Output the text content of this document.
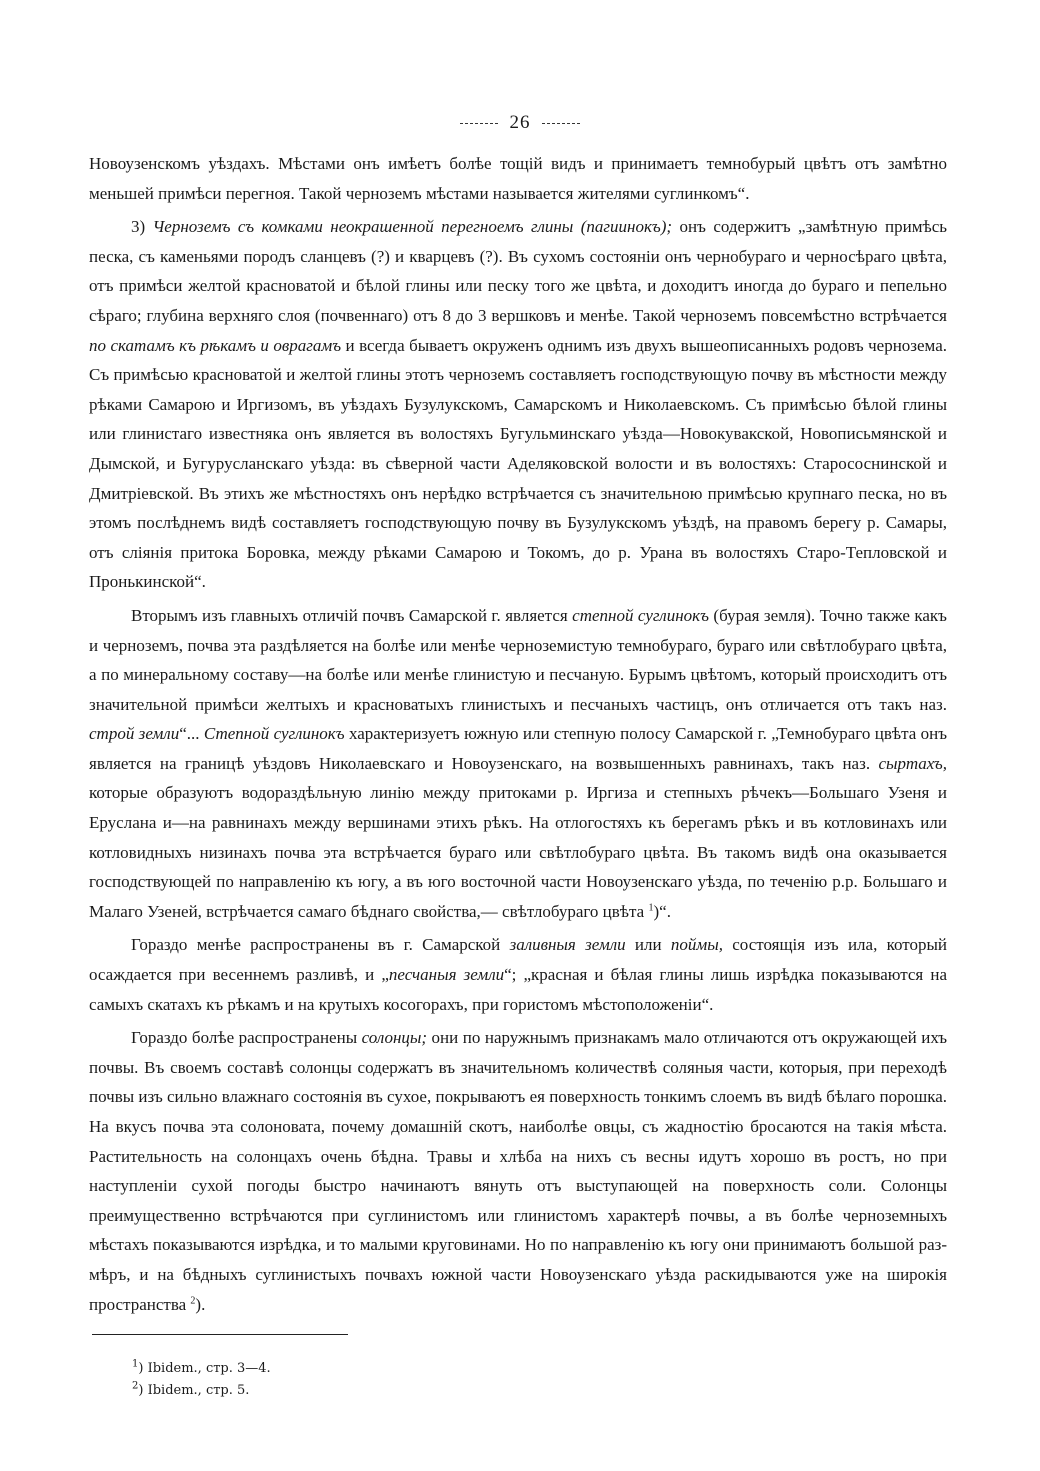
26

Новоузенскомъ уѣздахъ. Мѣстами онъ имѣетъ болѣе тощій видъ и принимаетъ темнобурый цвѣтъ отъ замѣтно меньшей примѣси перегноя. Такой черноземъ мѣстами называется жителями суглинкомъ“.

3) Черноземъ съ комками неокрашенной перегноемъ глины (пагиинокъ); онъ содержитъ „замѣтную примѣсь песка, съ каменьями породъ сланцевъ (?) и кварцевъ (?). Въ сухомъ состояніи онъ чернобураго и черносѣраго цвѣта, отъ примѣси желтой красноватой и бѣлой глины или песку того же цвѣта, и доходитъ иногда до бураго и пепельно сѣраго; глубина верхняго слоя (почвеннаго) отъ 8 до 3 вершковъ и менѣе. Такой черноземъ повсемѣстно встрѣчается по скатамъ къ рѣкамъ и оврагамъ и всегда бываетъ окруженъ однимъ изъ двухъ вышеописанныхъ родовъ чернозема. Съ примѣсью красноватой и желтой глины этотъ черноземъ составляетъ господствующую почву въ мѣстности между рѣками Самарою и Иргизомъ, въ уѣздахъ Бузулукскомъ, Самарскомъ и Николаевскомъ. Съ примѣсью бѣлой глины или глинистаго известняка онъ является въ волостяхъ Бугульминскаго уѣзда—Новокувакской, Новописьмянской и Дымской, и Бугурусланскаго уѣзда: въ сѣверной части Аделяковской волости и въ волостяхъ: Старососнинской и Дмитріевской. Въ этихъ же мѣстностяхъ онъ нерѣдко встрѣчается съ значительною примѣсью крупнаго песка, но въ этомъ послѣднемъ видѣ составляетъ господствующую почву въ Бузулукскомъ уѣздѣ, на правомъ берегу р. Самары, отъ сліянія притока Боровка, между рѣками Самарою и Токомъ, до р. Урана въ волостяхъ Старо-Тепловской и Пронькинской“.

Вторымъ изъ главныхъ отличій почвъ Самарской г. является степной суглинокъ (бурая земля). Точно также какъ и черноземъ, почва эта раздѣляется на болѣе или менѣе черноземистую темнобураго, бураго или свѣтлобураго цвѣта, а по минеральному составу—на болѣе или менѣе глинистую и песчаную. Бурымъ цвѣтомъ, который происходитъ отъ значительной примѣси желтыхъ и красноватыхъ глинистыхъ и песчаныхъ частицъ, онъ отличается отъ такъ наз. строй земли“... Степной суглинокъ характеризуетъ южную или степную полосу Самарской г. „Темнобураго цвѣта онъ является на границѣ уѣздовъ Николаевскаго и Новоузенскаго, на возвышенныхъ равнинахъ, такъ наз. сыртахъ, которые образуютъ водораздѣльную линію между притоками р. Иргиза и степныхъ рѣчекъ—Большаго Узеня и Еруслана и—на равнинахъ между вершинами этихъ рѣкъ. На отлогостяхъ къ берегамъ рѣкъ и въ котловинахъ или котловидныхъ низинахъ почва эта встрѣчается бураго или свѣтлобураго цвѣта. Въ такомъ видѣ она оказывается господствующей по направленію къ югу, а въ юго восточной части Новоузенскаго уѣзда, по теченію р.р. Большаго и Малаго Узеней, встрѣчается самаго бѣднаго свойства,— свѣтлобураго цвѣта $^1$)“.

Гораздо менѣе распространены въ г. Самарской заливныя земли или поймы, состоящія изъ ила, который осаждается при весеннемъ разливѣ, и „песчаныя земли“; „красная и бѣлая глины лишь изрѣдка показываются на самыхъ скатахъ къ рѣкамъ и на крутыхъ косогорахъ, при гористомъ мѣстоположеніи“.

Гораздо болѣе распространены солонцы; они по наружнымъ признакамъ мало отличаются отъ окружающей ихъ почвы. Въ своемъ составѣ солонцы содержатъ въ значительномъ количествѣ соляныя части, которыя, при переходѣ почвы изъ сильно влажнаго состоянія въ сухое, покрываютъ ея поверхность тонкимъ слоемъ въ видѣ бѣлаго порошка. На вкусъ почва эта солоновата, почему домашній скотъ, наиболѣе овцы, съ жадностію бросаются на такія мѣста. Растительность на солонцахъ очень бѣдна. Травы и хлѣба на нихъ съ весны идутъ хорошо въ ростъ, но при наступленіи сухой погоды быстро начинаютъ вянуть отъ выступающей на поверхность соли. Солонцы преимущественно встрѣчаются при суглинистомъ или глинистомъ характерѣ почвы, а въ болѣе черноземныхъ мѣстахъ показываются изрѣдка, и то малыми круговинами. Но по направленію къ югу они принимаютъ большой размѣръ, и на бѣдныхъ суглинистыхъ почвахъ южной части Новоузенскаго уѣзда раскидываются уже на широкія пространства $^2$).

$^1$) Ibidem., стр. 3—4.
$^2$) Ibidem., стр. 5.
